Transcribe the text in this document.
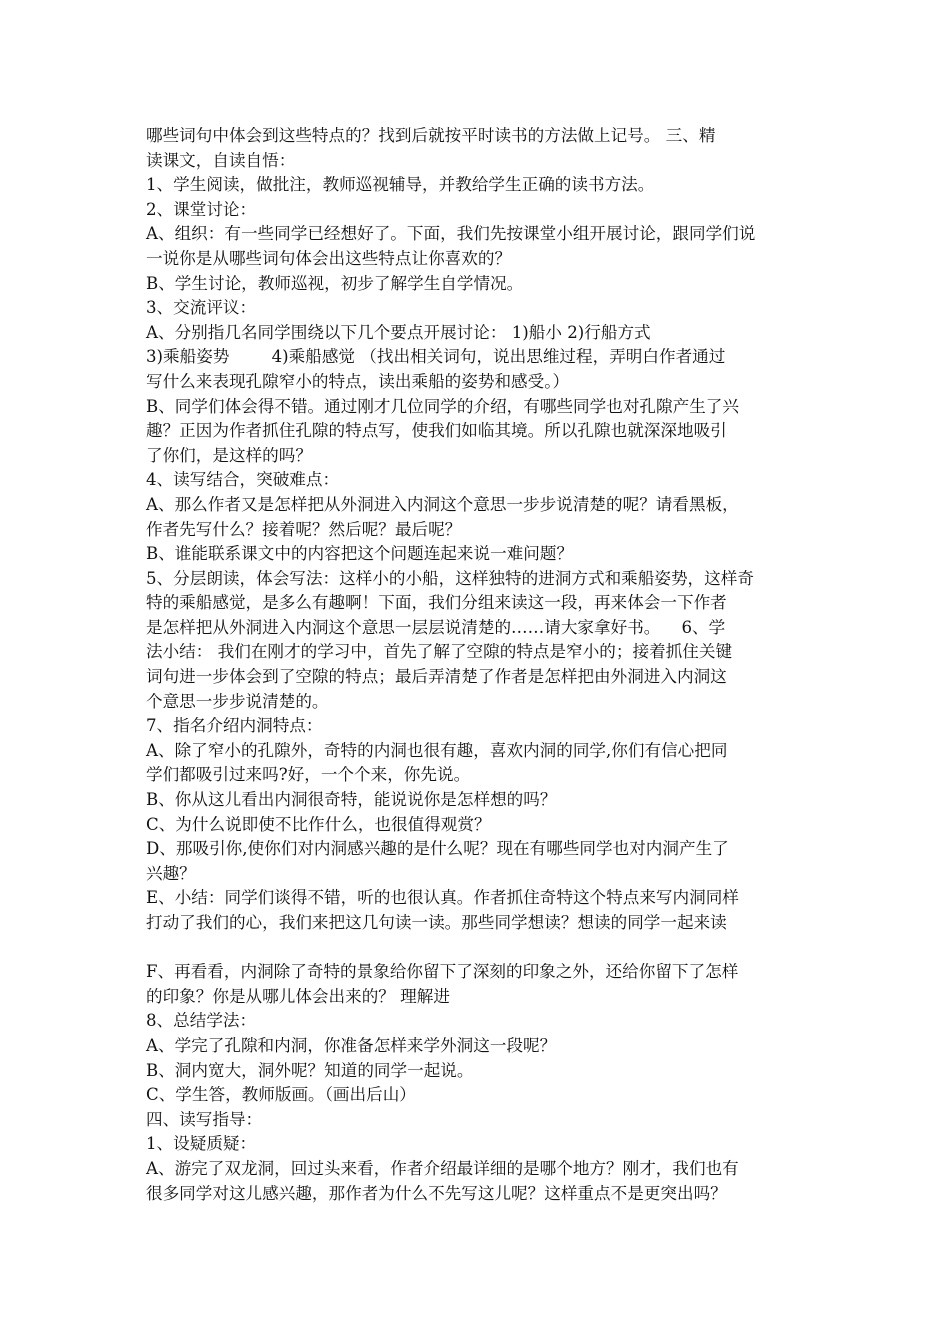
哪些词句中体会到这些特点的？找到后就按平时读书的方法做上记号。 三、精
读课文，自读自悟：
1、学生阅读，做批注，教师巡视辅导，并教给学生正确的读书方法。
2、课堂讨论：
A、组织：有一些同学已经想好了。下面，我们先按课堂小组开展讨论，跟同学们说
一说你是从哪些词句体会出这些特点让你喜欢的？
B、学生讨论，教师巡视，初步了解学生自学情况。
3、交流评议：
A、分别指几名同学围绕以下几个要点开展讨论： 1)船小 2)行船方式
3)乘船姿势        4)乘船感觉 （找出相关词句，说出思维过程，弄明白作者通过
写什么来表现孔隙窄小的特点，读出乘船的姿势和感受。）
B、同学们体会得不错。通过刚才几位同学的介绍，有哪些同学也对孔隙产生了兴
趣？正因为作者抓住孔隙的特点写，使我们如临其境。所以孔隙也就深深地吸引
了你们，是这样的吗？
4、读写结合，突破难点：
A、那么作者又是怎样把从外洞进入内洞这个意思一步步说清楚的呢？请看黑板，
作者先写什么？接着呢？然后呢？最后呢？
B、谁能联系课文中的内容把这个问题连起来说一难问题？
5、分层朗读，体会写法：这样小的小船，这样独特的进洞方式和乘船姿势，这样奇
特的乘船感觉，是多么有趣啊！下面，我们分组来读这一段，再来体会一下作者
是怎样把从外洞进入内洞这个意思一层层说清楚的……请大家拿好书。    6、学
法小结： 我们在刚才的学习中，首先了解了空隙的特点是窄小的；接着抓住关键
词句进一步体会到了空隙的特点；最后弄清楚了作者是怎样把由外洞进入内洞这
个意思一步步说清楚的。
7、指名介绍内洞特点：
A、除了窄小的孔隙外，奇特的内洞也很有趣，喜欢内洞的同学,你们有信心把同
学们都吸引过来吗?好，一个个来，你先说。
B、你从这儿看出内洞很奇特，能说说你是怎样想的吗？
C、为什么说即使不比作什么，也很值得观赏？
D、那吸引你,使你们对内洞感兴趣的是什么呢？现在有哪些同学也对内洞产生了
兴趣？
E、小结：同学们谈得不错，听的也很认真。作者抓住奇特这个特点来写内洞同样
打动了我们的心，我们来把这几句读一读。那些同学想读？想读的同学一起来读
F、再看看，内洞除了奇特的景象给你留下了深刻的印象之外，还给你留下了怎样
的印象？你是从哪儿体会出来的？ 理解进
8、总结学法：
A、学完了孔隙和内洞，你准备怎样来学外洞这一段呢？
B、洞内宽大，洞外呢？知道的同学一起说。
C、学生答，教师版画。（画出后山）
四、读写指导：
1、设疑质疑：
A、游完了双龙洞，回过头来看，作者介绍最详细的是哪个地方？刚才，我们也有
很多同学对这儿感兴趣，那作者为什么不先写这儿呢？这样重点不是更突出吗？
